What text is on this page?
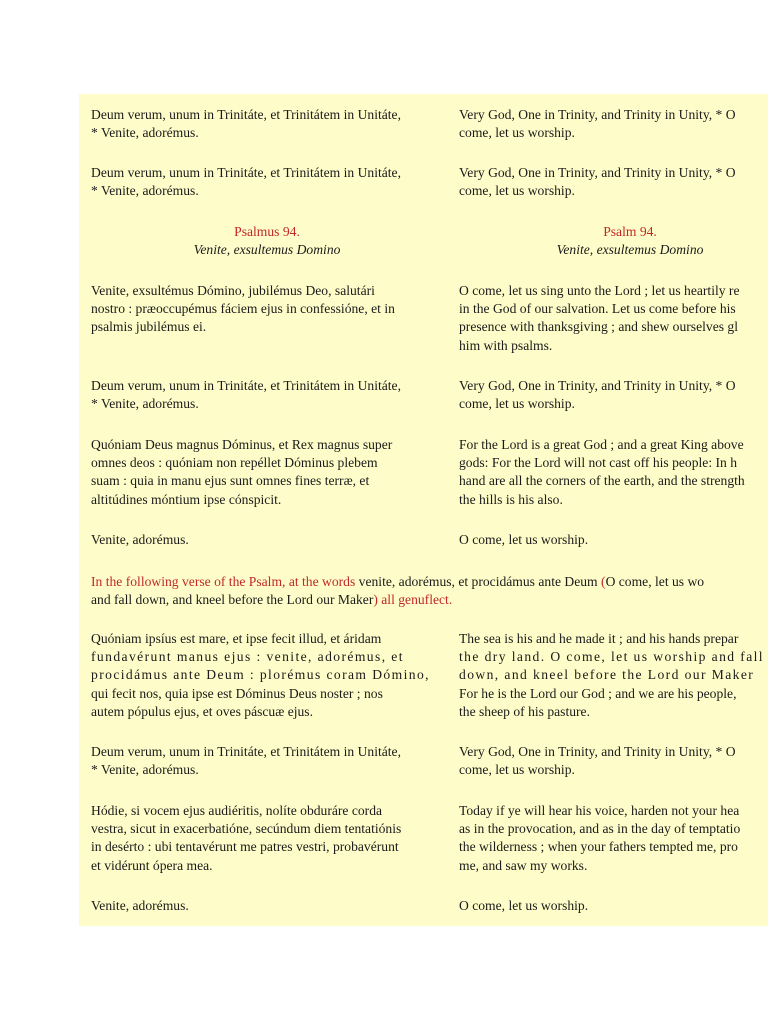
Deum verum, unum in Trinitáte, et Trinitátem in Unitáte,
* Venite, adorémus.
Very God, One in Trinity, and Trinity in Unity, * O
come, let us worship.
Deum verum, unum in Trinitáte, et Trinitátem in Unitáte,
* Venite, adorémus.
Very God, One in Trinity, and Trinity in Unity, * O
come, let us worship.
Psalmus 94.
Venite, exsultemus Domino
Psalm 94.
Venite, exsultemus Domino
Venite, exsultémus Dómino, jubilémus Deo, salutári
nostro : præoccupémus fáciem ejus in confessióne, et in
psalmis jubilémus ei.
O come, let us sing unto the Lord ; let us heartily re
in the God of our salvation. Let us come before his
presence with thanksgiving ; and shew ourselves gl
him with psalms.
Deum verum, unum in Trinitáte, et Trinitátem in Unitáte,
* Venite, adorémus.
Very God, One in Trinity, and Trinity in Unity, * O
come, let us worship.
Quóniam Deus magnus Dóminus, et Rex magnus super
omnes deos : quóniam non repéllet Dóminus plebem
suam : quia in manu ejus sunt omnes fines terræ, et
altitúdines móntium ipse cónspicit.
For the Lord is a great God ; and a great King above
gods: For the Lord will not cast off his people: In h
hand are all the corners of the earth, and the strength
the hills is his also.
Venite, adorémus.	O come, let us worship.
In the following verse of the Psalm, at the words venite, adorémus, et procidámus ante Deum (O come, let us wo
and fall down, and kneel before the Lord our Maker) all genuflect.
Quóniam ipsíus est mare, et ipse fecit illud, et áridam
fundavérunt manus ejus : venite, adorémus, et
procidámus ante Deum : plorémus coram Dómino,
qui fecit nos, quia ipse est Dóminus Deus noster ; nos
autem pópulus ejus, et oves páscuæ ejus.
The sea is his and he made it ; and his hands prepar
the dry land. O come, let us worship and fall
down, and kneel before the Lord our Maker
For he is the Lord our God ; and we are his people,
the sheep of his pasture.
Deum verum, unum in Trinitáte, et Trinitátem in Unitáte,
* Venite, adorémus.
Very God, One in Trinity, and Trinity in Unity, * O
come, let us worship.
Hódie, si vocem ejus audiéritis, nolíte obduráre corda
vestra, sicut in exacerbatióne, secúndum diem tentatiónis
in desérto : ubi tentavérunt me patres vestri, probavérunt
et vidérunt ópera mea.
Today if ye will hear his voice, harden not your hea
as in the provocation, and as in the day of temptatio
the wilderness ; when your fathers tempted me, pro
me, and saw my works.
Venite, adorémus.	O come, let us worship.
